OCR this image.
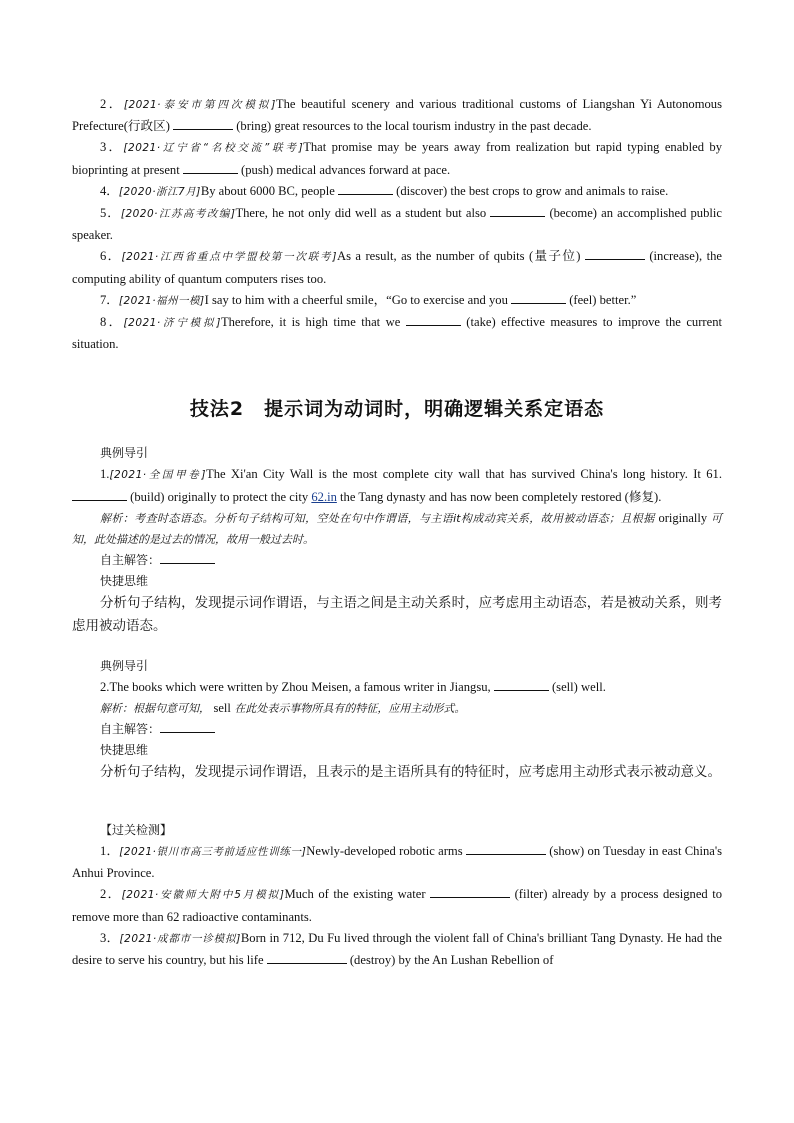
2．[2021·泰安市第四次模拟]The beautiful scenery and various traditional customs of Liangshan Yi Autonomous Prefecture(行政区)	(bring) great resources to the local tourism industry in the past decade.

3．[2021·辽宁省“名校交流”联考]That promise may be years away from realization but rapid typing enabled by bioprinting at present	(push) medical advances forward at pace.

4．[2020·浙江7月]By about 6000 BC, people	(discover) the best crops to grow and animals to raise.

5．[2020·江苏高考改编]There, he not only did well as a student but also	(become) an accomplished public speaker.

6．[2021·江西省重点中学盟校第一次联考]As a result, as the number of qubits (量子位)	(increase), the computing ability of quantum computers rises too.

7．[2021·福州一模]I say to him with a cheerful smile，“Go to exercise and you	(feel) better.”

8．[2021·济宁模拟]Therefore, it is high time that we	(take) effective measures to improve the current situation.

技法2　提示词为动词时，明确逻辑关系定语态
典例导引

1.[2021·全国甲卷]The Xi'an City Wall is the most complete city wall that has survived China's long history. It 61. (build) originally to protect the city 62.in the Tang dynasty and has now been completely restored (修复).

解析：考查时态语态。分析句子结构可知，空处在句中作谓语，与主语it构成动宾关系，故用被动语态；且根据 originally 可知，此处描述的是过去的情况，故用一般过去时。

自主解答：
快捷思维

分析句子结构，发现提示词作谓语，与主语之间是主动关系时，应考虑用主动语态，若是被动关系，则考虑用被动语态。

典例导引

2.The books which were written by Zhou Meisen, a famous writer in Jiangsu,	(sell) well.

解析：根据句意可知， sell 在此处表示事物所具有的特征，应用主动形式。

自主解答：
快捷思维

分析句子结构，发现提示词作谓语，且表示的是主语所具有的特征时，应考虑用主动形式表示被动意义。

【过关检测】

1．[2021·银川市高三考前适应性训练一]Newly-developed robotic arms	(show) on Tuesday in east China's Anhui Province.

2．[2021·安徽师大附中5月模拟]Much of the existing water	(filter) already by a process designed to remove more than 62 radioactive contaminants.

3．[2021·成都市一诊模拟]Born in 712, Du Fu lived through the violent fall of China's brilliant Tang Dynasty. He had the desire to serve his country, but his life	(destroy) by the An Lushan Rebellion of
